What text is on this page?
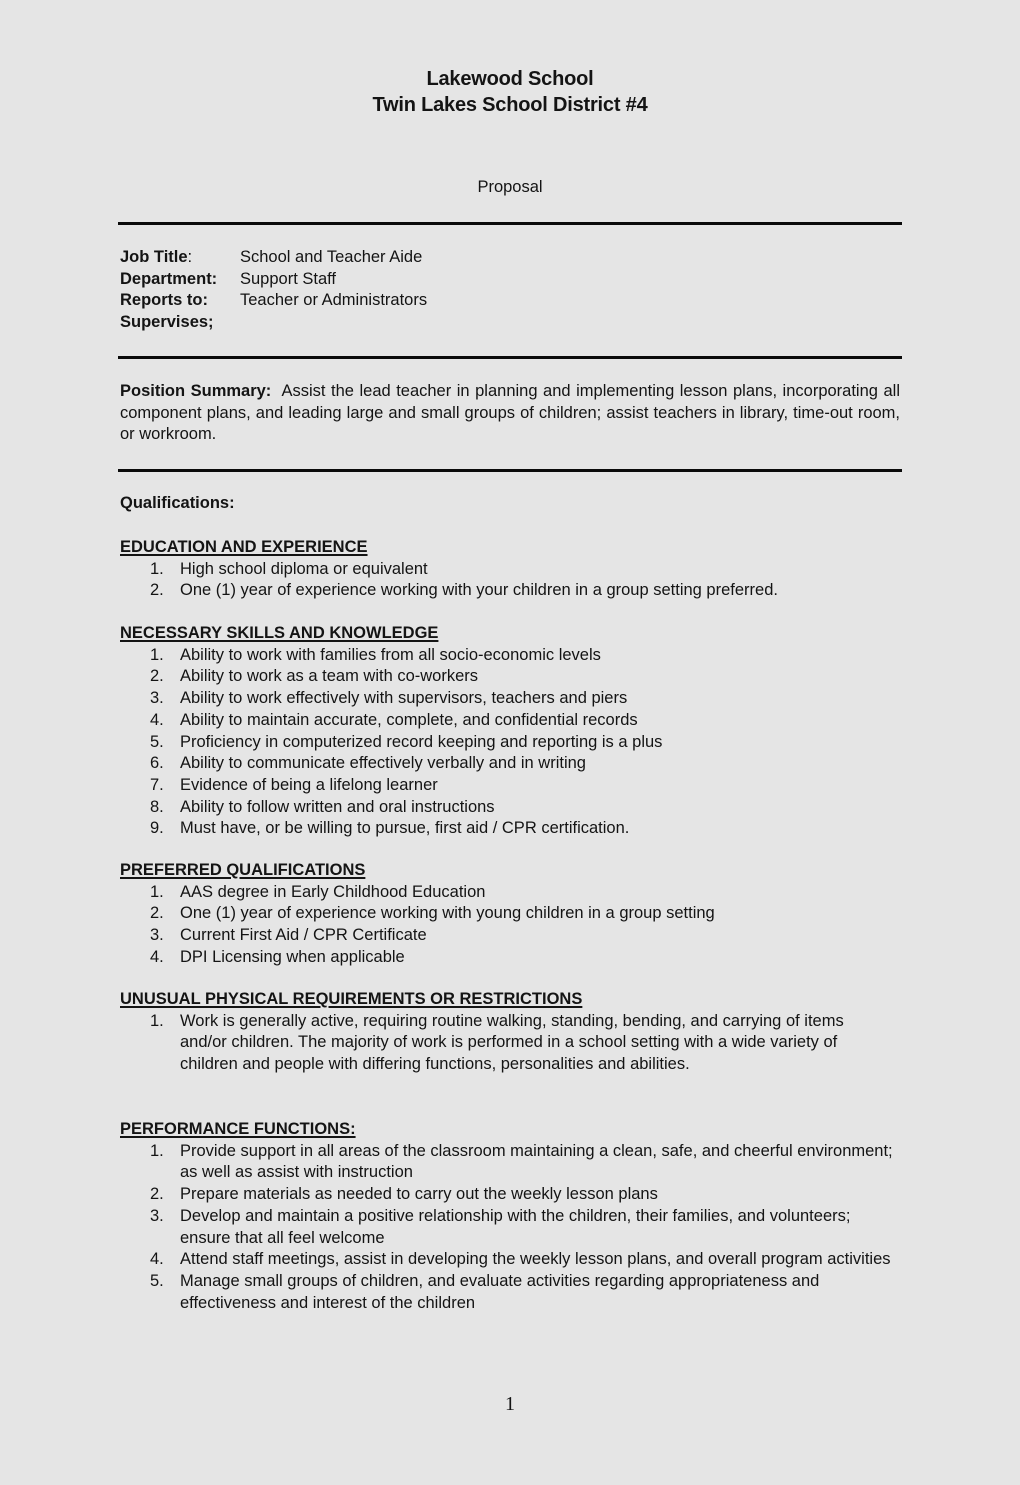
Lakewood School
Twin Lakes School District #4
Proposal
Job Title:	School and Teacher Aide
Department:	Support Staff
Reports to:	Teacher or Administrators
Supervises;
Position Summary: Assist the lead teacher in planning and implementing lesson plans, incorporating all component plans, and leading large and small groups of children; assist teachers in library, time-out room, or workroom.
Qualifications:
EDUCATION AND EXPERIENCE
1. High school diploma or equivalent
2. One (1) year of experience working with your children in a group setting preferred.
NECESSARY SKILLS AND KNOWLEDGE
1. Ability to work with families from all socio-economic levels
2. Ability to work as a team with co-workers
3. Ability to work effectively with supervisors, teachers and piers
4. Ability to maintain accurate, complete, and confidential records
5. Proficiency in computerized record keeping and reporting is a plus
6. Ability to communicate effectively verbally and in writing
7. Evidence of being a lifelong learner
8. Ability to follow written and oral instructions
9. Must have, or be willing to pursue, first aid / CPR certification.
PREFERRED QUALIFICATIONS
1. AAS degree in Early Childhood Education
2. One (1) year of experience working with young children in a group setting
3. Current First Aid / CPR Certificate
4. DPI Licensing when applicable
UNUSUAL PHYSICAL REQUIREMENTS OR RESTRICTIONS
1. Work is generally active, requiring routine walking, standing, bending, and carrying of items and/or children. The majority of work is performed in a school setting with a wide variety of children and people with differing functions, personalities and abilities.
PERFORMANCE FUNCTIONS:
1. Provide support in all areas of the classroom maintaining a clean, safe, and cheerful environment; as well as assist with instruction
2. Prepare materials as needed to carry out the weekly lesson plans
3. Develop and maintain a positive relationship with the children, their families, and volunteers; ensure that all feel welcome
4. Attend staff meetings, assist in developing the weekly lesson plans, and overall program activities
5. Manage small groups of children, and evaluate activities regarding appropriateness and effectiveness and interest of the children
1
